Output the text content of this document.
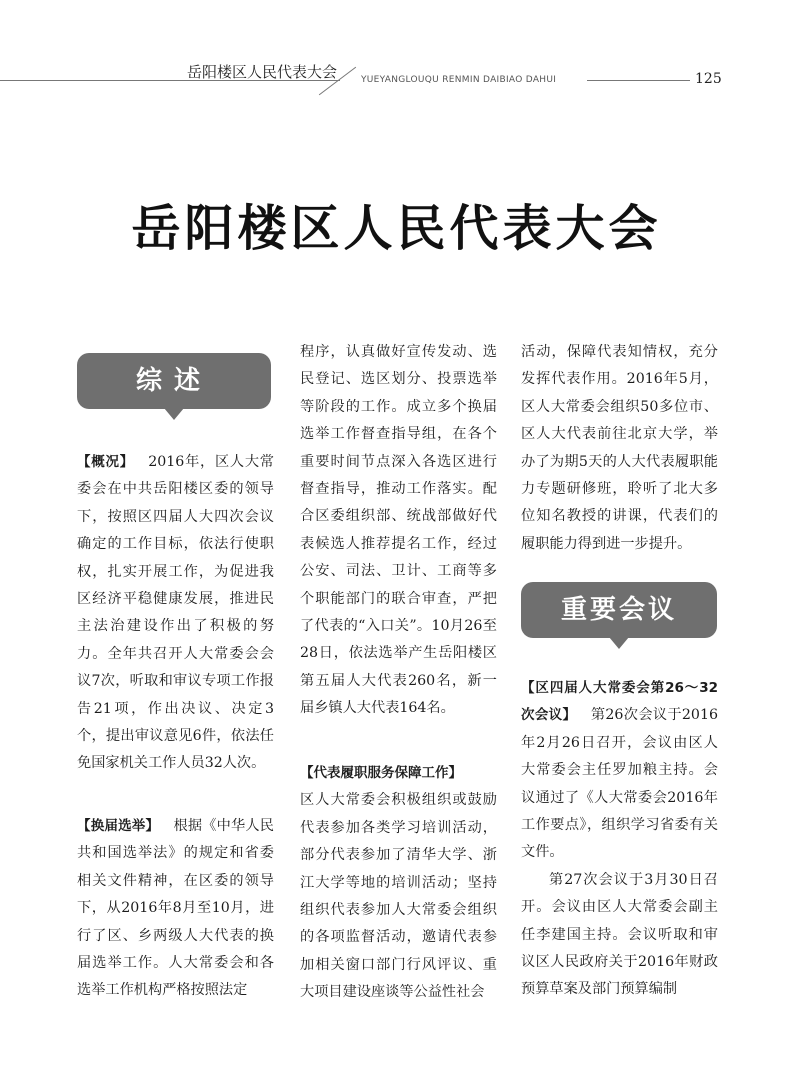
岳阳楼区人民代表大会	YUEYANGLOUQU RENMIN DAIBIAO DAHUI	125
岳阳楼区人民代表大会
综述
重要会议

【概况】  2016年，区人大常委会在中共岳阳楼区委的领导下，按照区四届人大四次会议确定的工作目标，依法行使职权，扎实开展工作，为促进我区经济平稳健康发展，推进民主法治建设作出了积极的努力。全年共召开人大常委会会议7次，听取和审议专项工作报告21项，作出决议、决定3个，提出审议意见6件，依法任免国家机关工作人员32人次。

【换届选举】  根据《中华人民共和国选举法》的规定和省委相关文件精神，在区委的领导下，从2016年8月至10月，进行了区、乡两级人大代表的换届选举工作。人大常委会和各选举工作机构严格按照法定

程序，认真做好宣传发动、选民登记、选区划分、投票选举等阶段的工作。成立多个换届选举工作督查指导组，在各个重要时间节点深入各选区进行督查指导，推动工作落实。配合区委组织部、统战部做好代表候选人推荐提名工作，经过公安、司法、卫计、工商等多个职能部门的联合审查，严把了代表的“入口关”。10月26至28日，依法选举产生岳阳楼区第五届人大代表260名，新一届乡镇人大代表164名。

【代表履职服务保障工作】

区人大常委会积极组织或鼓励代表参加各类学习培训活动，部分代表参加了清华大学、浙江大学等地的培训活动；坚持组织代表参加人大常委会组织的各项监督活动，邀请代表参加相关窗口部门行风评议、重大项目建设座谈等公益性社会

活动，保障代表知情权，充分发挥代表作用。2016年5月，区人大常委会组织50多位市、区人大代表前往北京大学，举办了为期5天的人大代表履职能力专题研修班，聆听了北大多位知名教授的讲课，代表们的履职能力得到进一步提升。

【区四届人大常委会第26～32次会议】  第26次会议于2016年2月26日召开，会议由区人大常委会主任罗加粮主持。会议通过了《人大常委会2016年工作要点》，组织学习省委有关文件。

第27次会议于3月30日召开。会议由区人大常委会副主任李建国主持。会议听取和审议区人民政府关于2016年财政预算草案及部门预算编制
